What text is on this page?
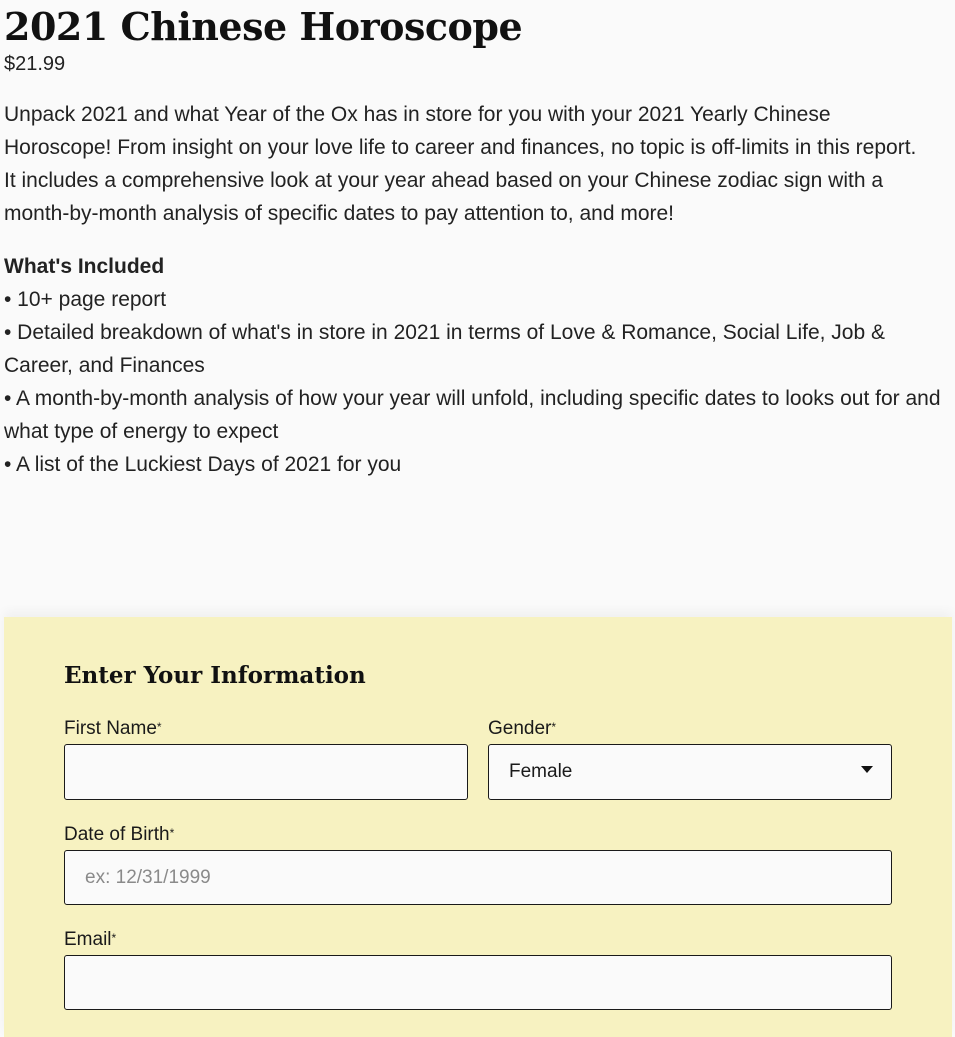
2021 Chinese Horoscope
$21.99
Unpack 2021 and what Year of the Ox has in store for you with your 2021 Yearly Chinese Horoscope! From insight on your love life to career and finances, no topic is off-limits in this report. It includes a comprehensive look at your year ahead based on your Chinese zodiac sign with a month-by-month analysis of specific dates to pay attention to, and more!
What's Included
• 10+ page report
• Detailed breakdown of what's in store in 2021 in terms of Love & Romance, Social Life, Job & Career, and Finances
• A month-by-month analysis of how your year will unfold, including specific dates to looks out for and what type of energy to expect
• A list of the Luckiest Days of 2021 for you
Enter Your Information
First Name*	Gender*
Female
Date of Birth*
ex: 12/31/1999
Email*
